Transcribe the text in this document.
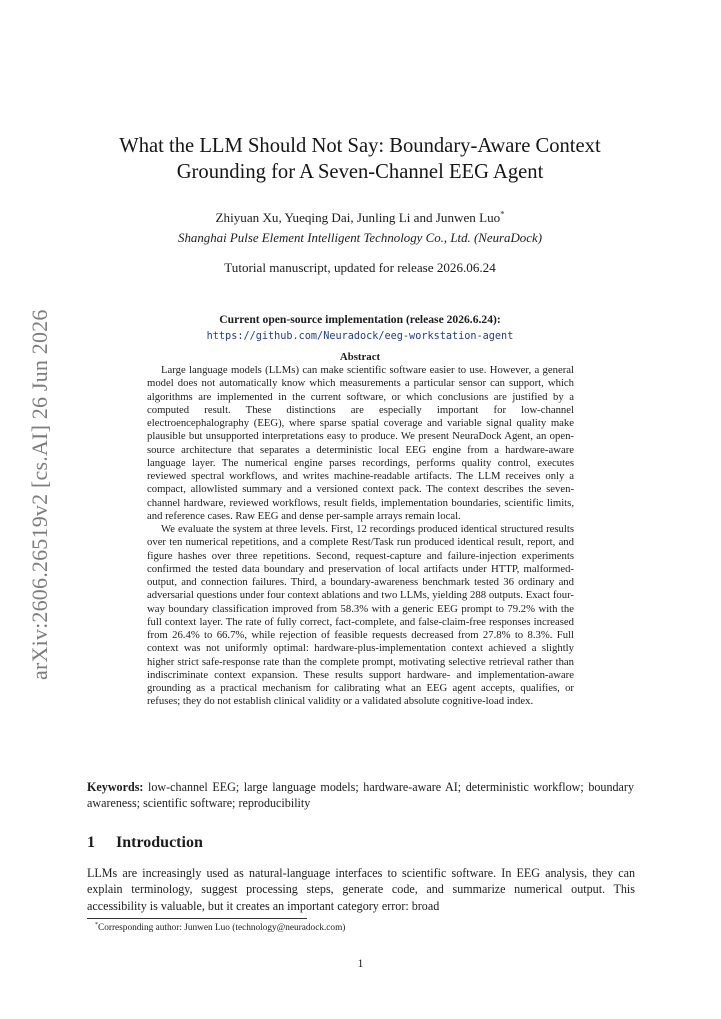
arXiv:2606.26519v2 [cs.AI] 26 Jun 2026
What the LLM Should Not Say: Boundary-Aware Context Grounding for A Seven-Channel EEG Agent
Zhiyuan Xu, Yueqing Dai, Junling Li and Junwen Luo*
Shanghai Pulse Element Intelligent Technology Co., Ltd. (NeuraDock)
Tutorial manuscript, updated for release 2026.06.24
Current open-source implementation (release 2026.6.24):
https://github.com/Neuradock/eeg-workstation-agent
Abstract

Large language models (LLMs) can make scientific software easier to use. However, a general model does not automatically know which measurements a particular sensor can support, which algorithms are implemented in the current software, or which conclusions are justified by a computed result. These distinctions are especially important for low-channel electroencephalography (EEG), where sparse spatial coverage and variable signal quality make plausible but unsupported interpretations easy to produce. We present NeuraDock Agent, an open-source architecture that separates a deterministic local EEG engine from a hardware-aware language layer. The numerical engine parses recordings, performs quality control, executes reviewed spectral workflows, and writes machine-readable artifacts. The LLM receives only a compact, allowlisted summary and a versioned context pack. The context describes the seven-channel hardware, reviewed workflows, result fields, implementation boundaries, scientific limits, and reference cases. Raw EEG and dense per-sample arrays remain local.

We evaluate the system at three levels. First, 12 recordings produced identical structured results over ten numerical repetitions, and a complete Rest/Task run produced identical result, report, and figure hashes over three repetitions. Second, request-capture and failure-injection experiments confirmed the tested data boundary and preservation of local artifacts under HTTP, malformed-output, and connection failures. Third, a boundary-awareness benchmark tested 36 ordinary and adversarial questions under four context ablations and two LLMs, yielding 288 outputs. Exact four-way boundary classification improved from 58.3% with a generic EEG prompt to 79.2% with the full context layer. The rate of fully correct, fact-complete, and false-claim-free responses increased from 26.4% to 66.7%, while rejection of feasible requests decreased from 27.8% to 8.3%. Full context was not uniformly optimal: hardware-plus-implementation context achieved a slightly higher strict safe-response rate than the complete prompt, motivating selective retrieval rather than indiscriminate context expansion. These results support hardware- and implementation-aware grounding as a practical mechanism for calibrating what an EEG agent accepts, qualifies, or refuses; they do not establish clinical validity or a validated absolute cognitive-load index.

Keywords: low-channel EEG; large language models; hardware-aware AI; deterministic workflow; boundary awareness; scientific software; reproducibility
1 Introduction
LLMs are increasingly used as natural-language interfaces to scientific software. In EEG analysis, they can explain terminology, suggest processing steps, generate code, and summarize numerical output. This accessibility is valuable, but it creates an important category error: broad
*Corresponding author: Junwen Luo (technology@neuradock.com)
1
